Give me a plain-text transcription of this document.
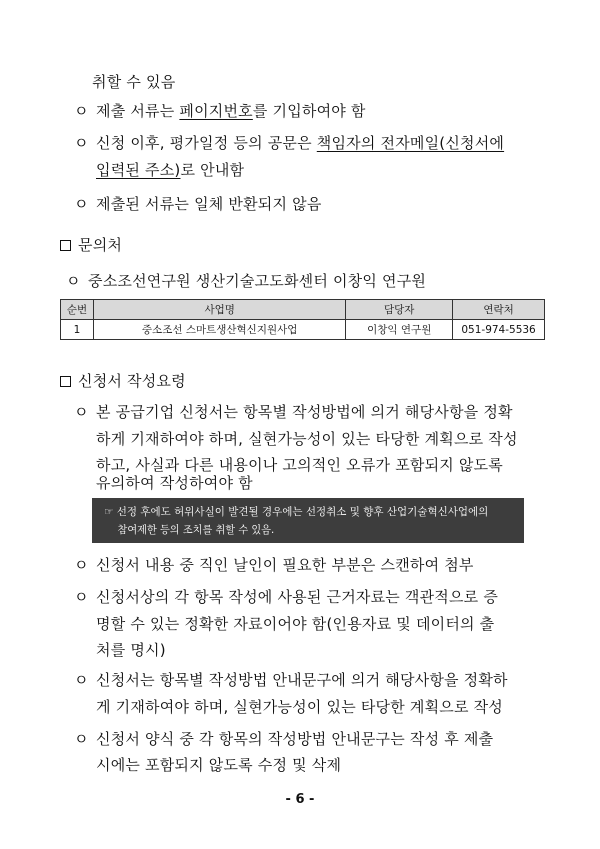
취할 수 있음
ㅇ 제출 서류는 페이지번호를 기입하여야 함
ㅇ 신청 이후, 평가일정 등의 공문은 책임자의 전자메일(신청서에
입력된 주소)로 안내함
ㅇ 제출된 서류는 일체 반환되지 않음
문의처
ㅇ 중소조선연구원 생산기술고도화센터 이창익 연구원
순번	사업명	담당자	연락처
1	중소조선 스마트생산혁신지원사업	이창익 연구원	051-974-5536
신청서 작성요령
ㅇ 본 공급기업 신청서는 항목별 작성방법에 의거 해당사항을 정확
하게 기재하여야 하며, 실현가능성이 있는 타당한 계획으로 작성
하고, 사실과 다른 내용이나 고의적인 오류가 포함되지 않도록
유의하여 작성하여야 함
☞ 선정 후에도 허위사실이 발견될 경우에는 선정취소 및 향후 산업기술혁신사업에의
참여제한 등의 조치를 취할 수 있음.
ㅇ 신청서 내용 중 직인 날인이 필요한 부분은 스캔하여 첨부
ㅇ 신청서상의 각 항목 작성에 사용된 근거자료는 객관적으로 증
명할 수 있는 정확한 자료이어야 함(인용자료 및 데이터의 출
처를 명시)
ㅇ 신청서는 항목별 작성방법 안내문구에 의거 해당사항을 정확하
게 기재하여야 하며, 실현가능성이 있는 타당한 계획으로 작성
ㅇ 신청서 양식 중 각 항목의 작성방법 안내문구는 작성 후 제출
시에는 포함되지 않도록 수정 및 삭제
- 6 -
